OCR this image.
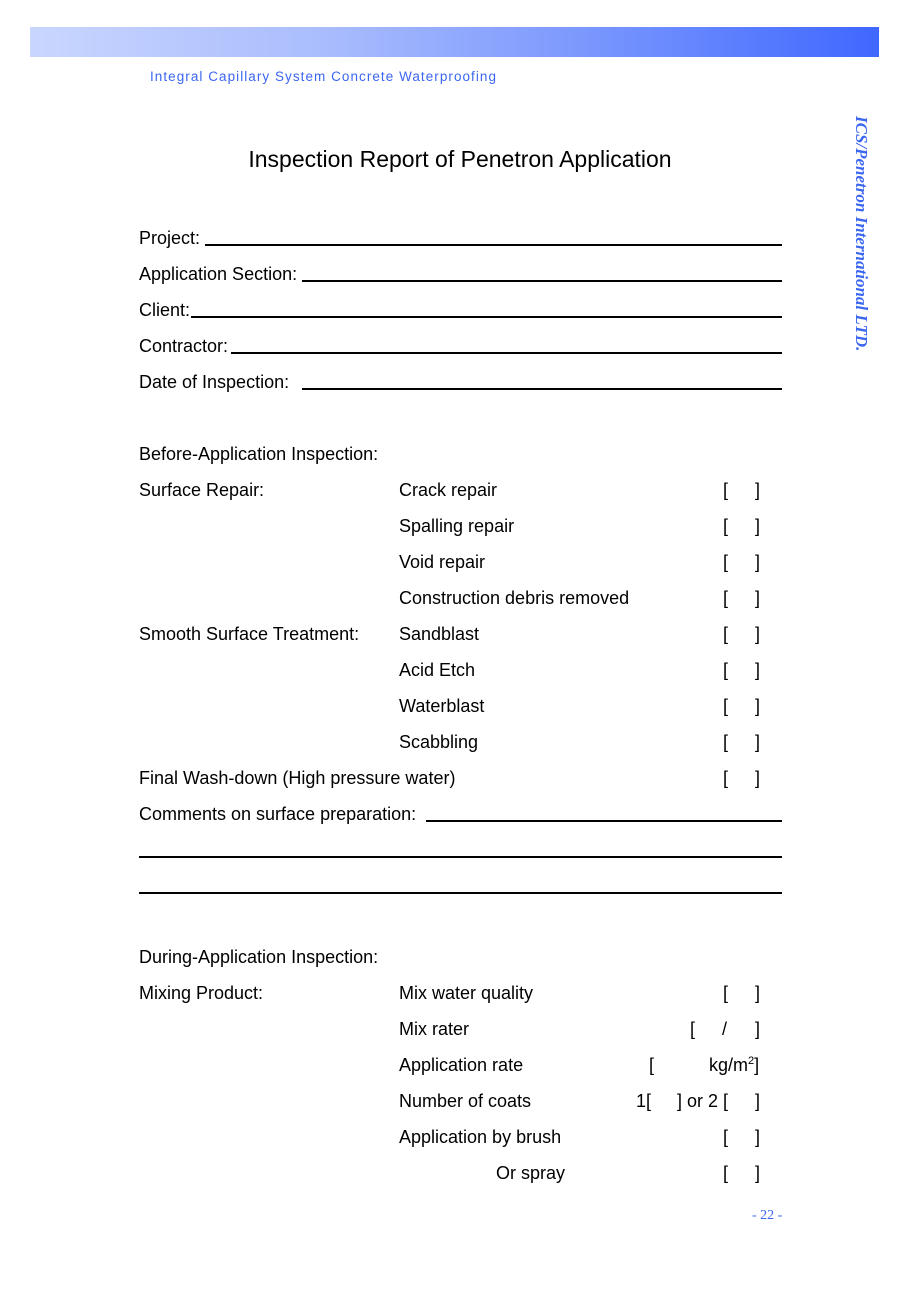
Integral Capillary System Concrete Waterproofing
ICS/Penetron International LTD.
Inspection Report of Penetron Application
Project:
Application Section:
Client:
Contractor:
Date of Inspection:
Before-Application Inspection:
Surface Repair:	Crack repair	[ ]
Spalling repair	[ ]
Void repair	[ ]
Construction debris removed	[ ]
Smooth Surface Treatment: Sandblast	[ ]
Acid Etch	[ ]
Waterblast	[ ]
Scabbling	[ ]
Final Wash-down (High pressure water)	[ ]
Comments on surface preparation:
During-Application Inspection:
Mixing Product:	Mix water quality	[ ]
Mix rater	[ / ]
Application rate	[	$kg/m^2$]
Number of coats	1[ ] or 2 [ ]
Application by brush	[ ]
Or spray	[ ]
- 22 -
